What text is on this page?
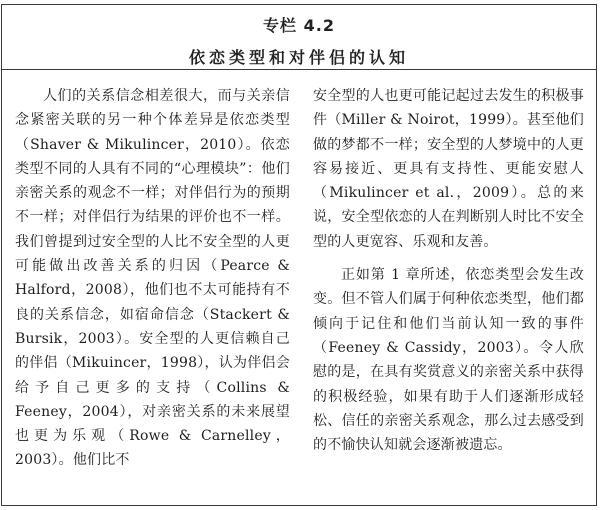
专栏 4.2
依恋类型和对伴侣的认知

人们的关系信念相差很大，而与关亲信念紧密关联的另一种个体差异是依恋类型（Shaver & Mikulincer，2010）。依恋类型不同的人具有不同的“心理模块”：他们亲密关系的观念不一样；对伴侣行为的预期不一样；对伴侣行为结果的评价也不一样。我们曾提到过安全型的人比不安全型的人更可能做出改善关系的归因（Pearce & Halford，2008），他们也不太可能持有不良的关系信念，如宿命信念（Stackert & Bursik，2003）。安全型的人更信赖自己的伴侣（Mikuincer，1998），认为伴侣会给予自己更多的支持（Collins & Feeney，2004），对亲密关系的未来展望也更为乐观（Rowe & Carnelley，2003）。他们比不

安全型的人也更可能记起过去发生的积极事件（Miller & Noirot，1999）。甚至他们做的梦都不一样；安全型的人梦境中的人更容易接近、更具有支持性、更能安慰人（Mikulincer et al.，2009）。总的来说，安全型依恋的人在判断别人时比不安全型的人更宽容、乐观和友善。

正如第 1 章所述，依恋类型会发生改变。但不管人们属于何种依恋类型，他们都倾向于记住和他们当前认知一致的事件（Feeney & Cassidy，2003）。令人欣慰的是，在具有奖赏意义的亲密关系中获得的积极经验，如果有助于人们逐渐形成轻松、信任的亲密关系观念，那么过去感受到的不愉快认知就会逐渐被遗忘。
